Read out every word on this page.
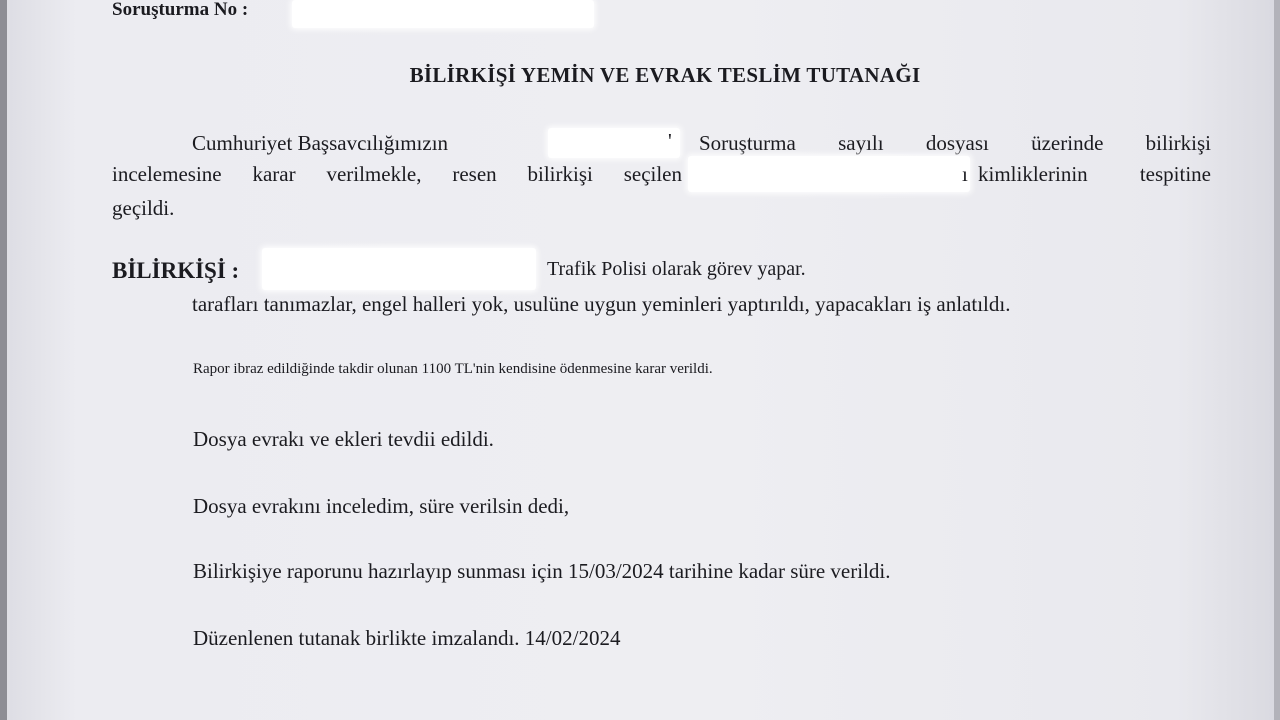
Soruşturma No :
BİLİRKİŞİ YEMİN VE EVRAK TESLİM TUTANAĞI
Cumhuriyet Başsavcılığımızın	' Soruşturma sayılı dosyası üzerinde bilirkişi
incelemesine karar verilmekle, resen bilirkişi seçilen	ı kimliklerinin tespitine
geçildi.
BİLİRKİŞİ :	Trafik Polisi olarak görev yapar.
tarafları tanımazlar, engel halleri yok, usulüne uygun yeminleri yaptırıldı, yapacakları iş anlatıldı.
Rapor ibraz edildiğinde takdir olunan 1100 TL'nin kendisine ödenmesine karar verildi.
Dosya evrakı ve ekleri tevdii edildi.
Dosya evrakını inceledim, süre verilsin dedi,
Bilirkişiye raporunu hazırlayıp sunması için 15/03/2024 tarihine kadar süre verildi.
Düzenlenen tutanak birlikte imzalandı. 14/02/2024
